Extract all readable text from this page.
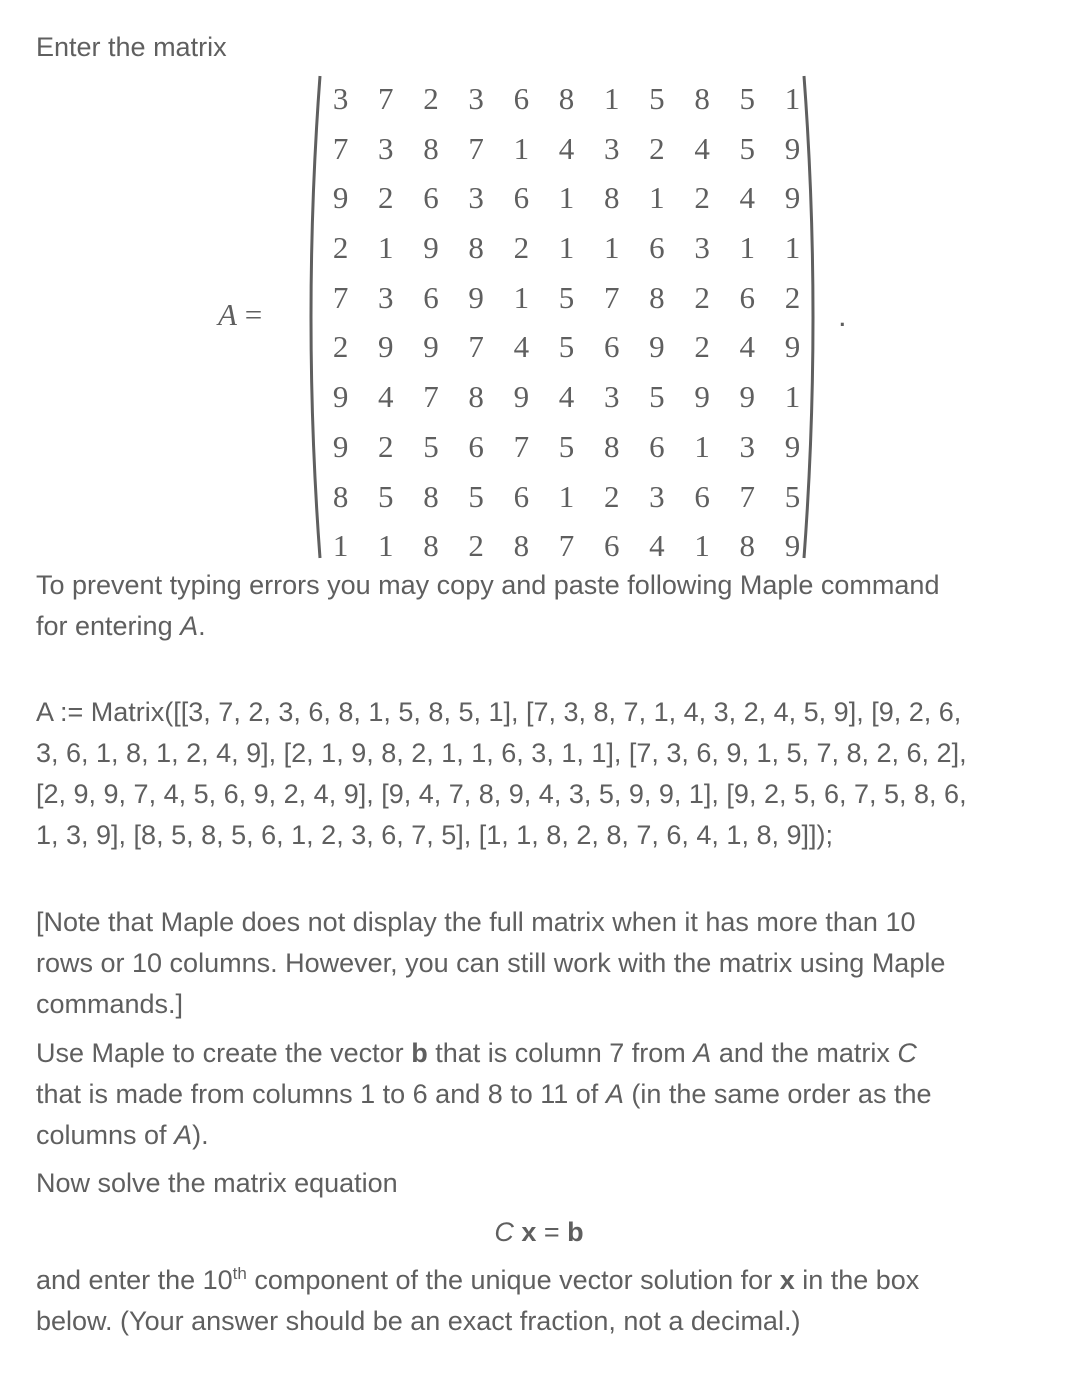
Enter the matrix

A =
3 7 2 3 6 8 1 5 8 5 1
7 3 8 7 1 4 3 2 4 5 9
9 2 6 3 6 1 8 1 2 4 9
2 1 9 8 2 1 1 6 3 1 1
7 3 6 9 1 5 7 8 2 6 2
2 9 9 7 4 5 6 9 2 4 9
9 4 7 8 9 4 3 5 9 9 1
9 2 5 6 7 5 8 6 1 3 9
8 5 8 5 6 1 2 3 6 7 5
1 1 8 2 8 7 6 4 1 8 9
.
To prevent typing errors you may copy and paste following Maple command
for entering A.
A := Matrix([[3, 7, 2, 3, 6, 8, 1, 5, 8, 5, 1], [7, 3, 8, 7, 1, 4, 3, 2, 4, 5, 9], [9, 2, 6,
3, 6, 1, 8, 1, 2, 4, 9], [2, 1, 9, 8, 2, 1, 1, 6, 3, 1, 1], [7, 3, 6, 9, 1, 5, 7, 8, 2, 6, 2],
[2, 9, 9, 7, 4, 5, 6, 9, 2, 4, 9], [9, 4, 7, 8, 9, 4, 3, 5, 9, 9, 1], [9, 2, 5, 6, 7, 5, 8, 6,
1, 3, 9], [8, 5, 8, 5, 6, 1, 2, 3, 6, 7, 5], [1, 1, 8, 2, 8, 7, 6, 4, 1, 8, 9]]);
[Note that Maple does not display the full matrix when it has more than 10
rows or 10 columns. However, you can still work with the matrix using Maple
commands.]
Use Maple to create the vector b that is column 7 from A and the matrix C
that is made from columns 1 to 6 and 8 to 11 of A (in the same order as the
columns of A).

Now solve the matrix equation

C x = b
and enter the 10th component of the unique vector solution for x in the box
below. (Your answer should be an exact fraction, not a decimal.)
